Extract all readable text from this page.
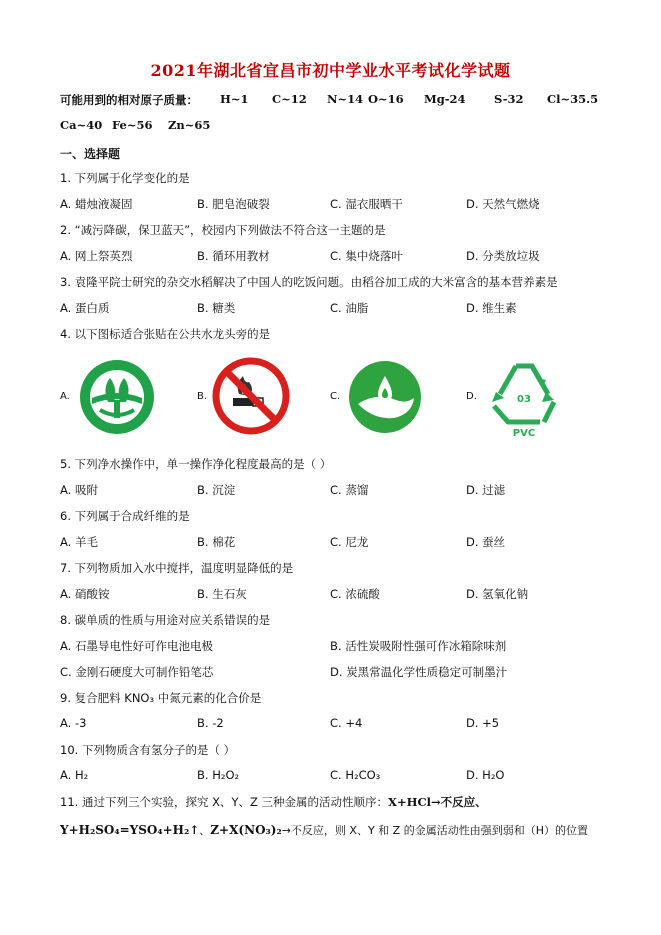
2021年湖北省宜昌市初中学业水平考试化学试题
可能用到的相对原子质量： H~1 C~12 N~14 O~16 Mg-24 S-32 Cl~35.5
Ca~40 Fe~56 Zn~65
一、选择题
1. 下列属于化学变化的是
A. 蜡烛液凝固	B. 肥皂泡破裂	C. 湿衣服晒干	D. 天然气燃烧
2. “减污降碳，保卫蓝天”，校园内下列做法不符合这一主题的是
A. 网上祭英烈	B. 循环用教材	C. 集中烧落叶	D. 分类放垃圾
3. 袁隆平院士研究的杂交水稻解决了中国人的吃饭问题。由稻谷加工成的大米富含的基本营养素是
A. 蛋白质	B. 糖类	C. 油脂	D. 维生素
4. 以下图标适合张贴在公共水龙头旁的是
A.	B.	C.	D.	03
PVC
5. 下列净水操作中，单一操作净化程度最高的是（ ）
A. 吸附	B. 沉淀	C. 蒸馏	D. 过滤
6. 下列属于合成纤维的是
A. 羊毛	B. 棉花	C. 尼龙	D. 蚕丝
7. 下列物质加入水中搅拌，温度明显降低的是
A. 硝酸铵	B. 生石灰	C. 浓硫酸	D. 氢氧化钠
8. 碳单质的性质与用途对应关系错误的是
A. 石墨导电性好可作电池电极	B. 活性炭吸附性强可作冰箱除味剂
C. 金刚石硬度大可制作铅笔芯	D. 炭黑常温化学性质稳定可制墨汁
9. 复合肥料 KNO₃ 中氮元素的化合价是
A. -3	B. -2	C. +4	D. +5
10. 下列物质含有氢分子的是（ ）
A. H₂	B. H₂O₂	C. H₂CO₃	D. H₂O
11. 通过下列三个实验，探究 X、Y、Z 三种金属的活动性顺序：X+HCl→不反应、
Y+H₂SO₄=YSO₄+H₂↑、Z+X(NO₃)₂→不反应，则 X、Y 和 Z 的金属活动性由强到弱和（H）的位置
